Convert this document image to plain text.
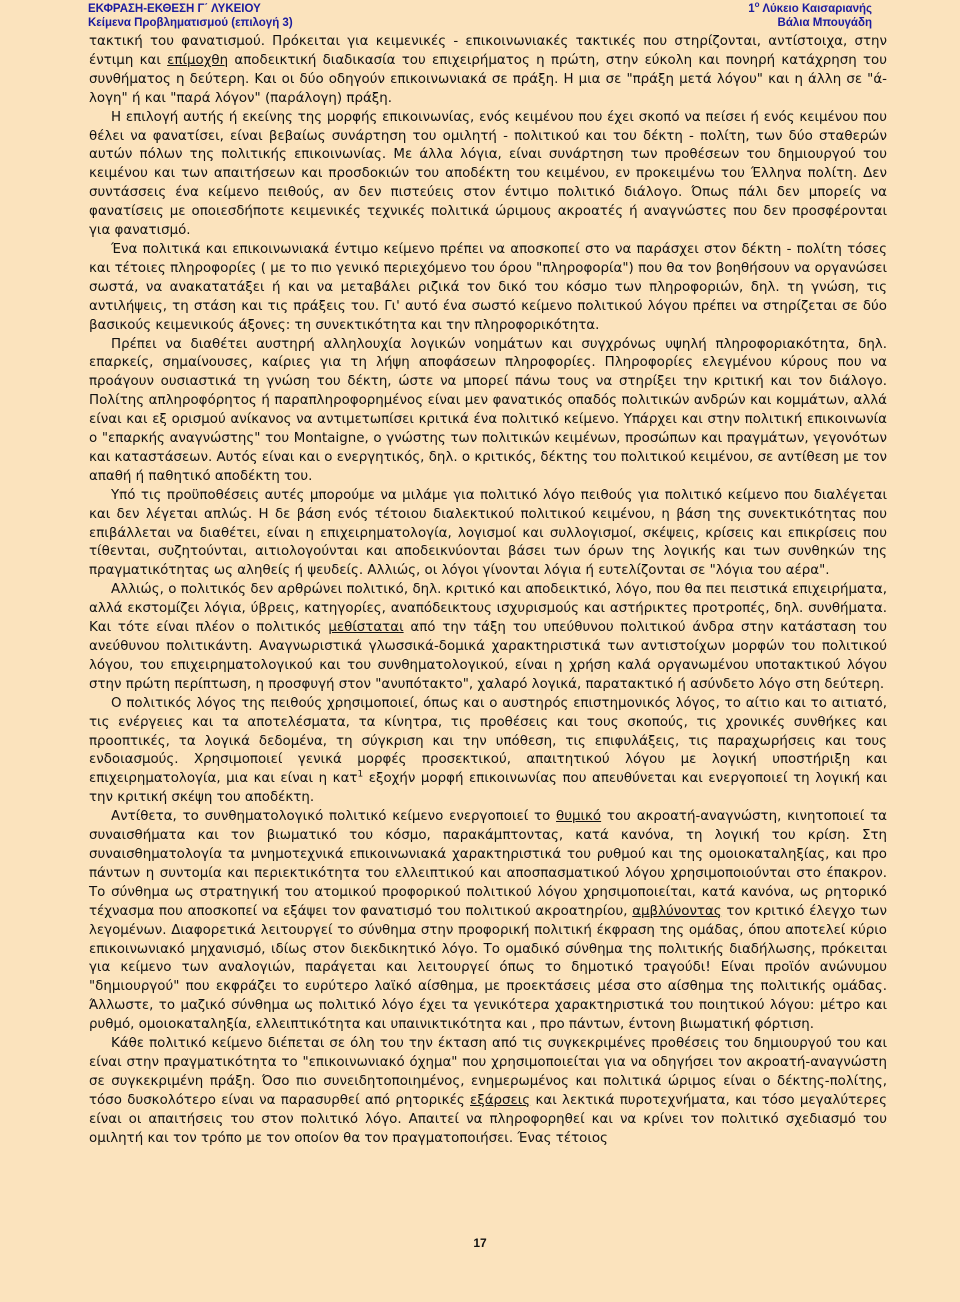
ΕΚΦΡΑΣΗ-ΕΚΘΕΣΗ Γ΄ ΛΥΚΕΙΟΥ
Κείμενα Προβληματισμού (επιλογή 3)
$1^o$ Λύκειο Καισαριανής
Βάλια Μπουγάδη

τακτική του φανατισμού. Πρόκειται για κειμενικές - επικοινωνιακές τακτικές που στηρίζονται, αντίστοιχα, στην έντιμη και επίμοχθη αποδεικτική διαδικασία του επιχειρήματος η πρώτη, στην εύκολη και πονηρή κατάχρηση του συνθήματος η δεύτερη. Και οι δύο οδηγούν επικοινωνιακά σε πράξη. Η μια σε "πράξη μετά λόγου" και η άλλη σε "ά-λογη" ή και "παρά λόγον" (παράλογη) πράξη.

Η επιλογή αυτής ή εκείνης της μορφής επικοινωνίας, ενός κειμένου που έχει σκοπό να πείσει ή ενός κειμένου που θέλει να φανατίσει, είναι βεβαίως συνάρτηση του ομιλητή - πολιτικού και του δέκτη - πολίτη, των δύο σταθερών αυτών πόλων της πολιτικής επικοινωνίας. Με άλλα λόγια, είναι συνάρτηση των προθέσεων του δημιουργού του κειμένου και των απαιτήσεων και προσδοκιών του αποδέκτη του κειμένου, εν προκειμένω του Έλληνα πολίτη. Δεν συντάσσεις ένα κείμενο πειθούς, αν δεν πιστεύεις στον έντιμο πολιτικό διάλογο. Όπως πάλι δεν μπορείς να φανατίσεις με οποιεσδήποτε κειμενικές τεχνικές πολιτικά ώριμους ακροατές ή αναγνώστες που δεν προσφέρονται για φανατισμό.

Ένα πολιτικά και επικοινωνιακά έντιμο κείμενο πρέπει να αποσκοπεί στο να παράσχει στον δέκτη - πολίτη τόσες και τέτοιες πληροφορίες ( με το πιο γενικό περιεχόμενο του όρου "πληροφορία") που θα τον βοηθήσουν να οργανώσει σωστά, να ανακατατάξει ή και να μεταβάλει ριζικά τον δικό του κόσμο των πληροφοριών, δηλ. τη γνώση, τις αντιλήψεις, τη στάση και τις πράξεις του. Γι' αυτό ένα σωστό κείμενο πολιτικού λόγου πρέπει να στηρίζεται σε δύο βασικούς κειμενικούς άξονες: τη συνεκτικότητα και την πληροφορικότητα.

Πρέπει να διαθέτει αυστηρή αλληλουχία λογικών νοημάτων και συγχρόνως υψηλή πληροφοριακότητα, δηλ. επαρκείς, σημαίνουσες, καίριες για τη λήψη αποφάσεων πληροφορίες. Πληροφορίες ελεγμένου κύρους που να προάγουν ουσιαστικά τη γνώση του δέκτη, ώστε να μπορεί πάνω τους να στηρίξει την κριτική και τον διάλογο. Πολίτης απληροφόρητος ή παραπληροφορημένος είναι μεν φανατικός οπαδός πολιτικών ανδρών και κομμάτων, αλλά είναι και εξ ορισμού ανίκανος να αντιμετωπίσει κριτικά ένα πολιτικό κείμενο. Υπάρχει και στην πολιτική επικοινωνία ο "επαρκής αναγνώστης" του Montaigne, ο γνώστης των πολιτικών κειμένων, προσώπων και πραγμάτων, γεγονότων και καταστάσεων. Αυτός είναι και ο ενεργητικός, δηλ. ο κριτικός, δέκτης του πολιτικού κειμένου, σε αντίθεση με τον απαθή ή παθητικό αποδέκτη του.

Υπό τις προϋποθέσεις αυτές μπορούμε να μιλάμε για πολιτικό λόγο πειθούς για πολιτικό κείμενο που διαλέγεται και δεν λέγεται απλώς. Η δε βάση ενός τέτοιου διαλεκτικού πολιτικού κειμένου, η βάση της συνεκτικότητας που επιβάλλεται να διαθέτει, είναι η επιχειρηματολογία, λογισμοί και συλλογισμοί, σκέψεις, κρίσεις και επικρίσεις που τίθενται, συζητούνται, αιτιολογούνται και αποδεικνύονται βάσει των όρων της λογικής και των συνθηκών της πραγματικότητας ως αληθείς ή ψευδείς. Αλλιώς, οι λόγοι γίνονται λόγια ή ευτελίζονται σε "λόγια του αέρα".

Αλλιώς, ο πολιτικός δεν αρθρώνει πολιτικό, δηλ. κριτικό και αποδεικτικό, λόγο, που θα πει πειστικά επιχειρήματα, αλλά εκστομίζει λόγια, ύβρεις, κατηγορίες, αναπόδεικτους ισχυρισμούς και αστήρικτες προτροπές, δηλ. συνθήματα. Και τότε είναι πλέον ο πολιτικός μεθίσταται από την τάξη του υπεύθυνου πολιτικού άνδρα στην κατάσταση του ανεύθυνου πολιτικάντη. Αναγνωριστικά γλωσσικά-δομικά χαρακτηριστικά των αντιστοίχων μορφών του πολιτικού λόγου, του επιχειρηματολογικού και του συνθηματολογικού, είναι η χρήση καλά οργανωμένου υποτακτικού λόγου στην πρώτη περίπτωση, η προσφυγή στον "ανυπότακτο", χαλαρό λογικά, παρατακτικό ή ασύνδετο λόγο στη δεύτερη.

Ο πολιτικός λόγος της πειθούς χρησιμοποιεί, όπως και ο αυστηρός επιστημονικός λόγος, το αίτιο και το αιτιατό, τις ενέργειες και τα αποτελέσματα, τα κίνητρα, τις προθέσεις και τους σκοπούς, τις χρονικές συνθήκες και προοπτικές, τα λογικά δεδομένα, τη σύγκριση και την υπόθεση, τις επιφυλάξεις, τις παραχωρήσεις και τους ενδοιασμούς. Χρησιμοποιεί γενικά μορφές προσεκτικού, απαιτητικού λόγου με λογική υποστήριξη και επιχειρηματολογία, μια και είναι η κατ$^1$ εξοχήν μορφή επικοινωνίας που απευθύνεται και ενεργοποιεί τη λογική και την κριτική σκέψη του αποδέκτη.

Αντίθετα, το συνθηματολογικό πολιτικό κείμενο ενεργοποιεί το θυμικό του ακροατή-αναγνώστη, κινητοποιεί τα συναισθήματα και τον βιωματικό του κόσμο, παρακάμπτοντας, κατά κανόνα, τη λογική του κρίση. Στη συναισθηματολογία τα μνημοτεχνικά επικοινωνιακά χαρακτηριστικά του ρυθμού και της ομοιοκαταληξίας, και προ πάντων η συντομία και περιεκτικότητα του ελλειπτικού και αποσπασματικού λόγου χρησιμοποιούνται στο έπακρον. Το σύνθημα ως στρατηγική του ατομικού προφορικού πολιτικού λόγου χρησιμοποιείται, κατά κανόνα, ως ρητορικό τέχνασμα που αποσκοπεί να εξάψει τον φανατισμό του πολιτικού ακροατηρίου, αμβλύνοντας τον κριτικό έλεγχο των λεγομένων. Διαφορετικά λειτουργεί το σύνθημα στην προφορική πολιτική έκφραση της ομάδας, όπου αποτελεί κύριο επικοινωνιακό μηχανισμό, ιδίως στον διεκδικητικό λόγο. Το ομαδικό σύνθημα της πολιτικής διαδήλωσης, πρόκειται για κείμενο των αναλογιών, παράγεται και λειτουργεί όπως το δημοτικό τραγούδι! Είναι προϊόν ανώνυμου "δημιουργού" που εκφράζει το ευρύτερο λαϊκό αίσθημα, με προεκτάσεις μέσα στο αίσθημα της πολιτικής ομάδας. Άλλωστε, το μαζικό σύνθημα ως πολιτικό λόγο έχει τα γενικότερα χαρακτηριστικά του ποιητικού λόγου: μέτρο και ρυθμό, ομοιοκαταληξία, ελλειπτικότητα και υπαινικτικότητα και , προ πάντων, έντονη βιωματική φόρτιση.

Κάθε πολιτικό κείμενο διέπεται σε όλη του την έκταση από τις συγκεκριμένες προθέσεις του δημιουργού του και είναι στην πραγματικότητα το "επικοινωνιακό όχημα" που χρησιμοποιείται για να οδηγήσει τον ακροατή-αναγνώστη σε συγκεκριμένη πράξη. Όσο πιο συνειδητοποιημένος, ενημερωμένος και πολιτικά ώριμος είναι ο δέκτης-πολίτης, τόσο δυσκολότερο είναι να παρασυρθεί από ρητορικές εξάρσεις και λεκτικά πυροτεχνήματα, και τόσο μεγαλύτερες είναι οι απαιτήσεις του στον πολιτικό λόγο. Απαιτεί να πληροφορηθεί και να κρίνει τον πολιτικό σχεδιασμό του ομιλητή και τον τρόπο με τον οποίον θα τον πραγματοποιήσει. Ένας τέτοιος

17
